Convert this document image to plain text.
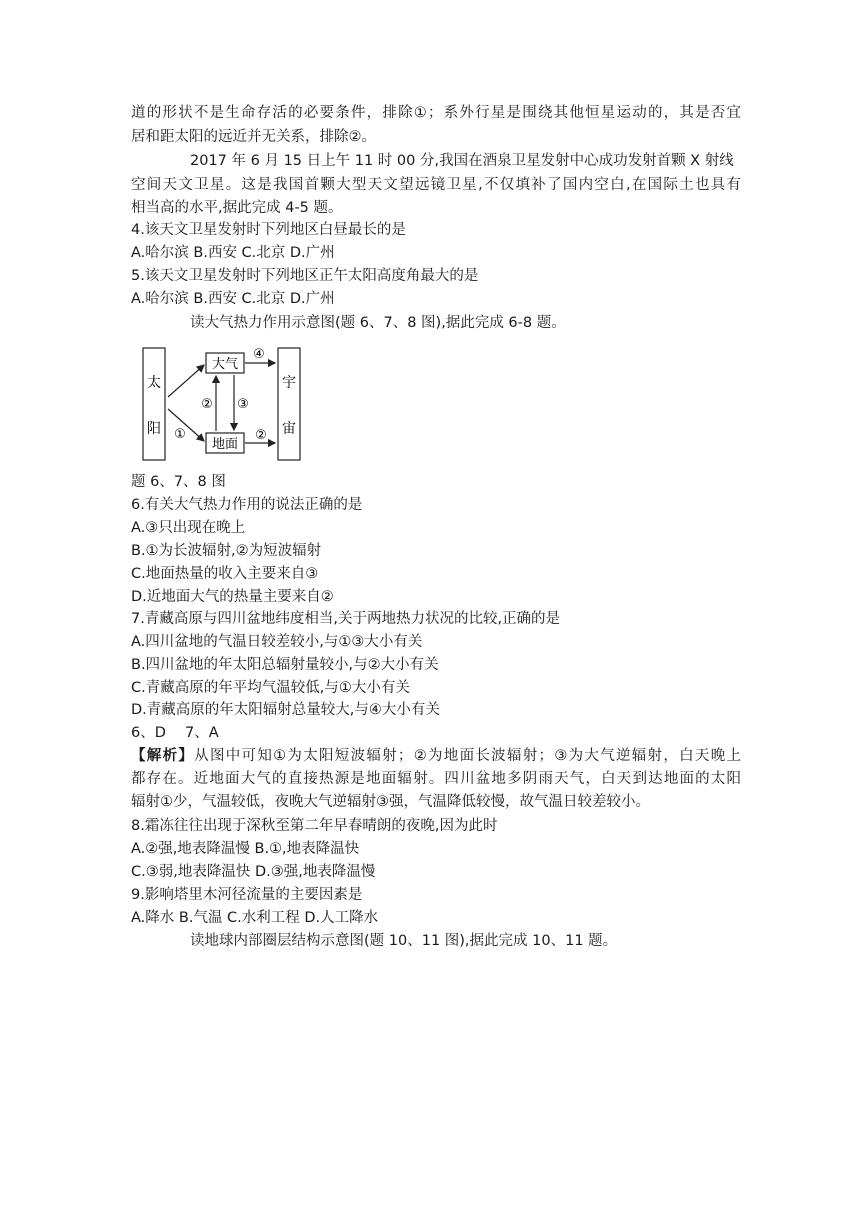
道的形状不是生命存活的必要条件，排除①；系外行星是围绕其他恒星运动的，其是否宜
居和距太阳的远近并无关系，排除②。
2017 年 6 月 15 日上午 11 时 00 分,我国在酒泉卫星发射中心成功发射首颗 X 射线
空间天文卫星。这是我国首颗大型天文望远镜卫星,不仅填补了国内空白,在国际土也具有
相当高的水平,据此完成 4-5 题。
4.该天文卫星发射时下列地区白昼最长的是
A.哈尔滨 B.西安 C.北京 D.广州
5.该天文卫星发射时下列地区正午太阳高度角最大的是
A.哈尔滨 B.西安 C.北京 D.广州
读大气热力作用示意图(题 6、7、8 图),据此完成 6-8 题。
太
阳
宇
宙
大气
地面
①
② ③
④
②
题 6、7、8 图
6.有关大气热力作用的说法正确的是
A.③只出现在晚上
B.①为长波辐射,②为短波辐射
C.地面热量的收入主要来自③
D.近地面大气的热量主要来自②
7.青藏高原与四川盆地纬度相当,关于两地热力状况的比较,正确的是
A.四川盆地的气温日较差较小,与①③大小有关
B.四川盆地的年太阳总辐射量较小,与②大小有关
C.青藏高原的年平均气温较低,与①大小有关
D.青藏高原的年太阳辐射总量较大,与④大小有关
6、D　 7、A
【解析】从图中可知①为太阳短波辐射；②为地面长波辐射；③为大气逆辐射，白天晚上
都存在。近地面大气的直接热源是地面辐射。四川盆地多阴雨天气，白天到达地面的太阳
辐射①少，气温较低，夜晚大气逆辐射③强，气温降低较慢，故气温日较差较小。
8.霜冻往往出现于深秋至第二年早春晴朗的夜晚,因为此时
A.②强,地表降温慢 B.①,地表降温快
C.③弱,地表降温快 D.③强,地表降温慢
9.影响塔里木河径流量的主要因素是
A.降水 B.气温 C.水利工程 D.人工降水
读地球内部圈层结构示意图(题 10、11 图),据此完成 10、11 题。
